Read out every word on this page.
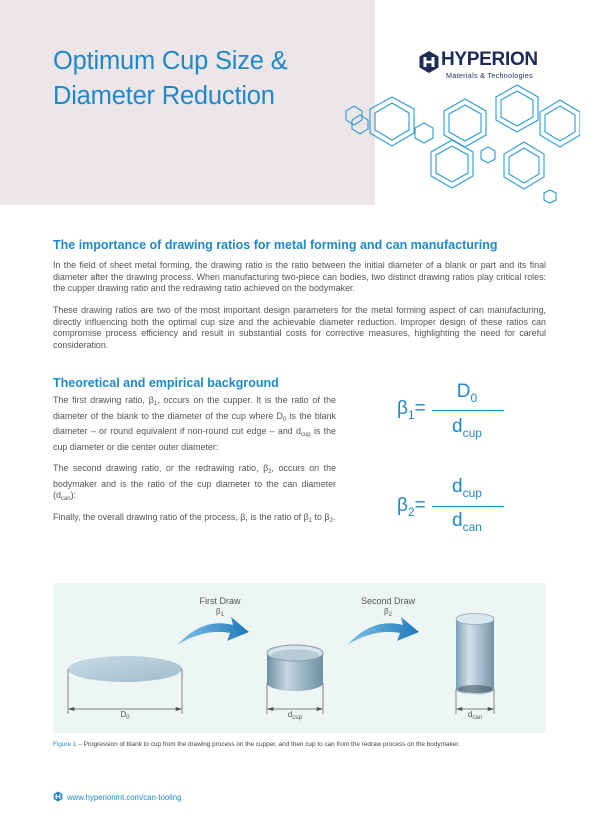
Optimum Cup Size &
Diameter Reduction
HYPERION
Materials & Technologies
The importance of drawing ratios for metal forming and can manufacturing

In the field of sheet metal forming, the drawing ratio is the ratio between the initial diameter of a blank or part and its final diameter after the drawing process. When manufacturing two-piece can bodies, two distinct drawing ratios play critical roles: the cupper drawing ratio and the redrawing ratio achieved on the bodymaker.

These drawing ratios are two of the most important design parameters for the metal forming aspect of can manufacturing, directly influencing both the optimal cup size and the achievable diameter reduction. Improper design of these ratios can compromise process efficiency and result in substantial costs for corrective measures, highlighting the need for careful consideration.

Theoretical and empirical background

The first drawing ratio, $\beta_1$, occurs on the cupper. It is the ratio of the diameter of the blank to the diameter of the cup where $D_0$ is the blank diameter – or round equivalent if non-round cut edge – and $d_{cup}$ is the cup diameter or die center outer diameter:

The second drawing ratio, or the redrawing ratio, $\beta_2$, occurs on the bodymaker and is the ratio of the cup diameter to the can diameter $(d_{can})$:

Finally, the overall drawing ratio of the process, β, is the ratio of $\beta_1$ to $\beta_2$.

$\beta_1=$
$D_0$
$d_{cup}$
$\beta_2=$
$d_{cup}$
$d_{can}$
First Draw
$\beta_1$
Second Draw
$\beta_2$
$D_0$	$d_{cup}$	$d_{can}$

Figure 1 – Progression of blank to cup from the drawing process on the cupper, and then cup to can from the redraw process on the bodymaker.

www.hyperionmt.com/can-tooling
